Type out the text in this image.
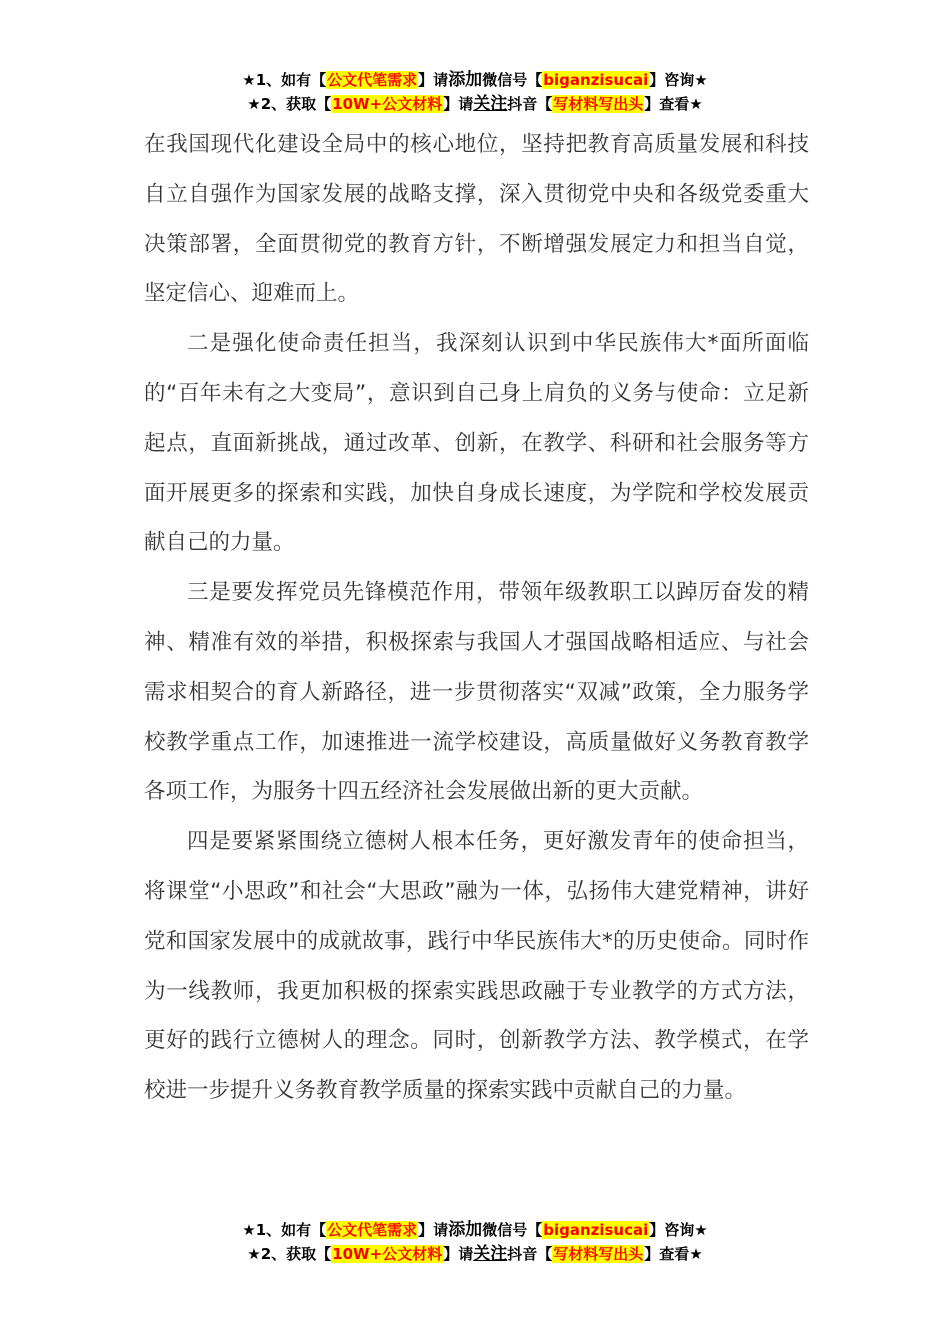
★1、如有【公文代笔需求】请添加微信号【biganzisucai】咨询★
★2、获取【10W+公文材料】请关注抖音【写材料写出头】查看★

在我国现代化建设全局中的核心地位，坚持把教育高质量发展和科技自立自强作为国家发展的战略支撑，深入贯彻党中央和各级党委重大决策部署，全面贯彻党的教育方针，不断增强发展定力和担当自觉，坚定信心、迎难而上。

二是强化使命责任担当，我深刻认识到中华民族伟大*面所面临的“百年未有之大变局”，意识到自己身上肩负的义务与使命：立足新起点，直面新挑战，通过改革、创新，在教学、科研和社会服务等方面开展更多的探索和实践，加快自身成长速度，为学院和学校发展贡献自己的力量。

三是要发挥党员先锋模范作用，带领年级教职工以踔厉奋发的精神、精准有效的举措，积极探索与我国人才强国战略相适应、与社会需求相契合的育人新路径，进一步贯彻落实“双减”政策，全力服务学校教学重点工作，加速推进一流学校建设，高质量做好义务教育教学各项工作，为服务十四五经济社会发展做出新的更大贡献。

四是要紧紧围绕立德树人根本任务，更好激发青年的使命担当，将课堂“小思政”和社会“大思政”融为一体，弘扬伟大建党精神，讲好党和国家发展中的成就故事，践行中华民族伟大*的历史使命。同时作为一线教师，我更加积极的探索实践思政融于专业教学的方式方法，更好的践行立德树人的理念。同时，创新教学方法、教学模式，在学校进一步提升义务教育教学质量的探索实践中贡献自己的力量。

★1、如有【公文代笔需求】请添加微信号【biganzisucai】咨询★
★2、获取【10W+公文材料】请关注抖音【写材料写出头】查看★
